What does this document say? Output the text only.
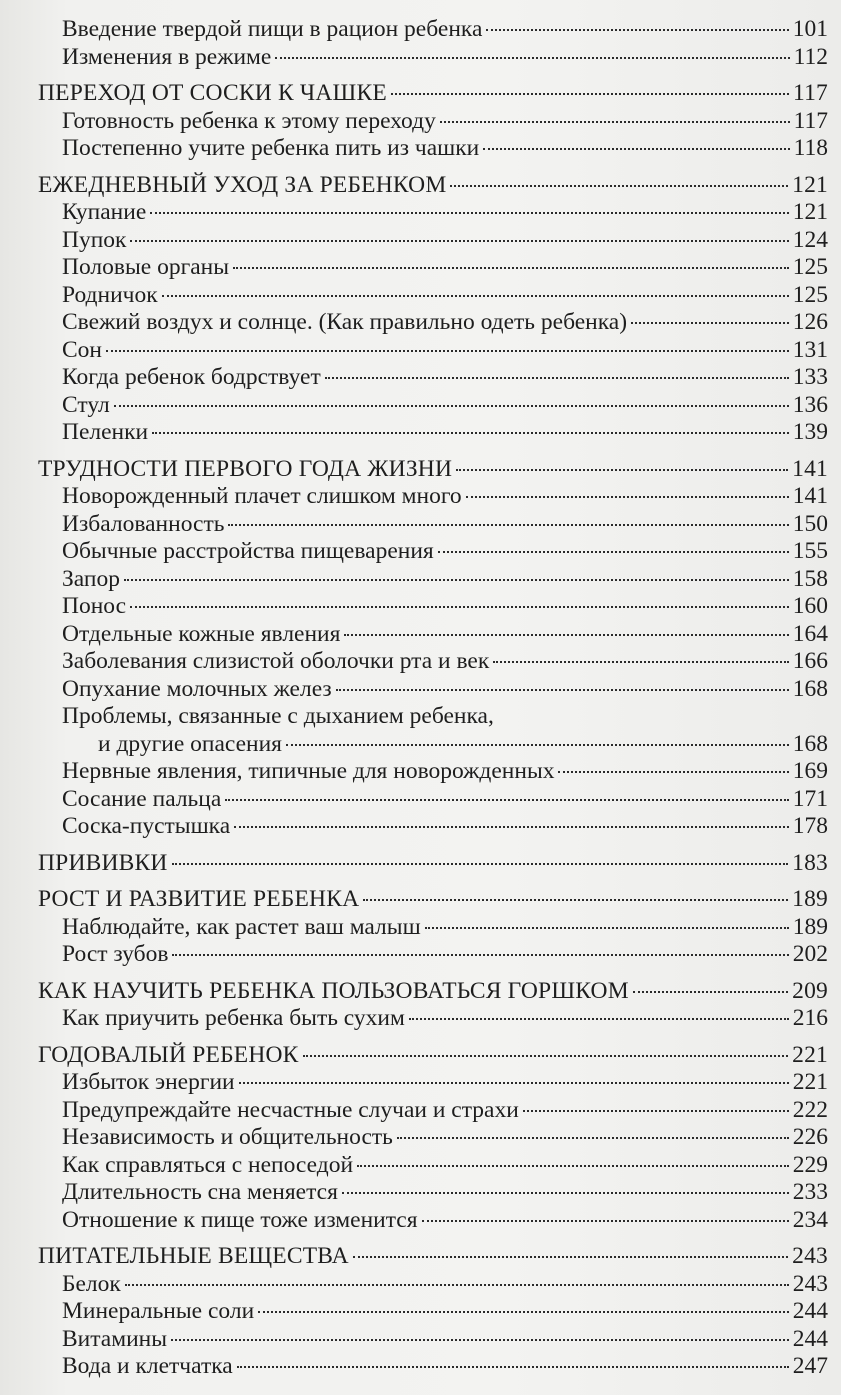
Введение твердой пищи в рацион ребенка	101
Изменения в режиме	112
ПЕРЕХОД ОТ СОСКИ К ЧАШКЕ	117
Готовность ребенка к этому переходу	117
Постепенно учите ребенка пить из чашки	118
ЕЖЕДНЕВНЫЙ УХОД ЗА РЕБЕНКОМ	121
Купание	121
Пупок	124
Половые органы	125
Родничок	125
Свежий воздух и солнце. (Как правильно одеть ребенка)	126
Сон	131
Когда ребенок бодрствует	133
Стул	136
Пеленки	139
ТРУДНОСТИ ПЕРВОГО ГОДА ЖИЗНИ	141
Новорожденный плачет слишком много	141
Избалованность	150
Обычные расстройства пищеварения	155
Запор	158
Понос	160
Отдельные кожные явления	164
Заболевания слизистой оболочки рта и век	166
Опухание молочных желез	168
Проблемы, связанные с дыханием ребенка,
и другие опасения	168
Нервные явления, типичные для новорожденных	169
Сосание пальца	171
Соска-пустышка	178
ПРИВИВКИ	183
РОСТ И РАЗВИТИЕ РЕБЕНКА	189
Наблюдайте, как растет ваш малыш	189
Рост зубов	202
КАК НАУЧИТЬ РЕБЕНКА ПОЛЬЗОВАТЬСЯ ГОРШКОМ	209
Как приучить ребенка быть сухим	216
ГОДОВАЛЫЙ РЕБЕНОК	221
Избыток энергии	221
Предупреждайте несчастные случаи и страхи	222
Независимость и общительность	226
Как справляться с непоседой	229
Длительность сна меняется	233
Отношение к пище тоже изменится	234
ПИТАТЕЛЬНЫЕ ВЕЩЕСТВА	243
Белок	243
Минеральные соли	244
Витамины	244
Вода и клетчатка	247
